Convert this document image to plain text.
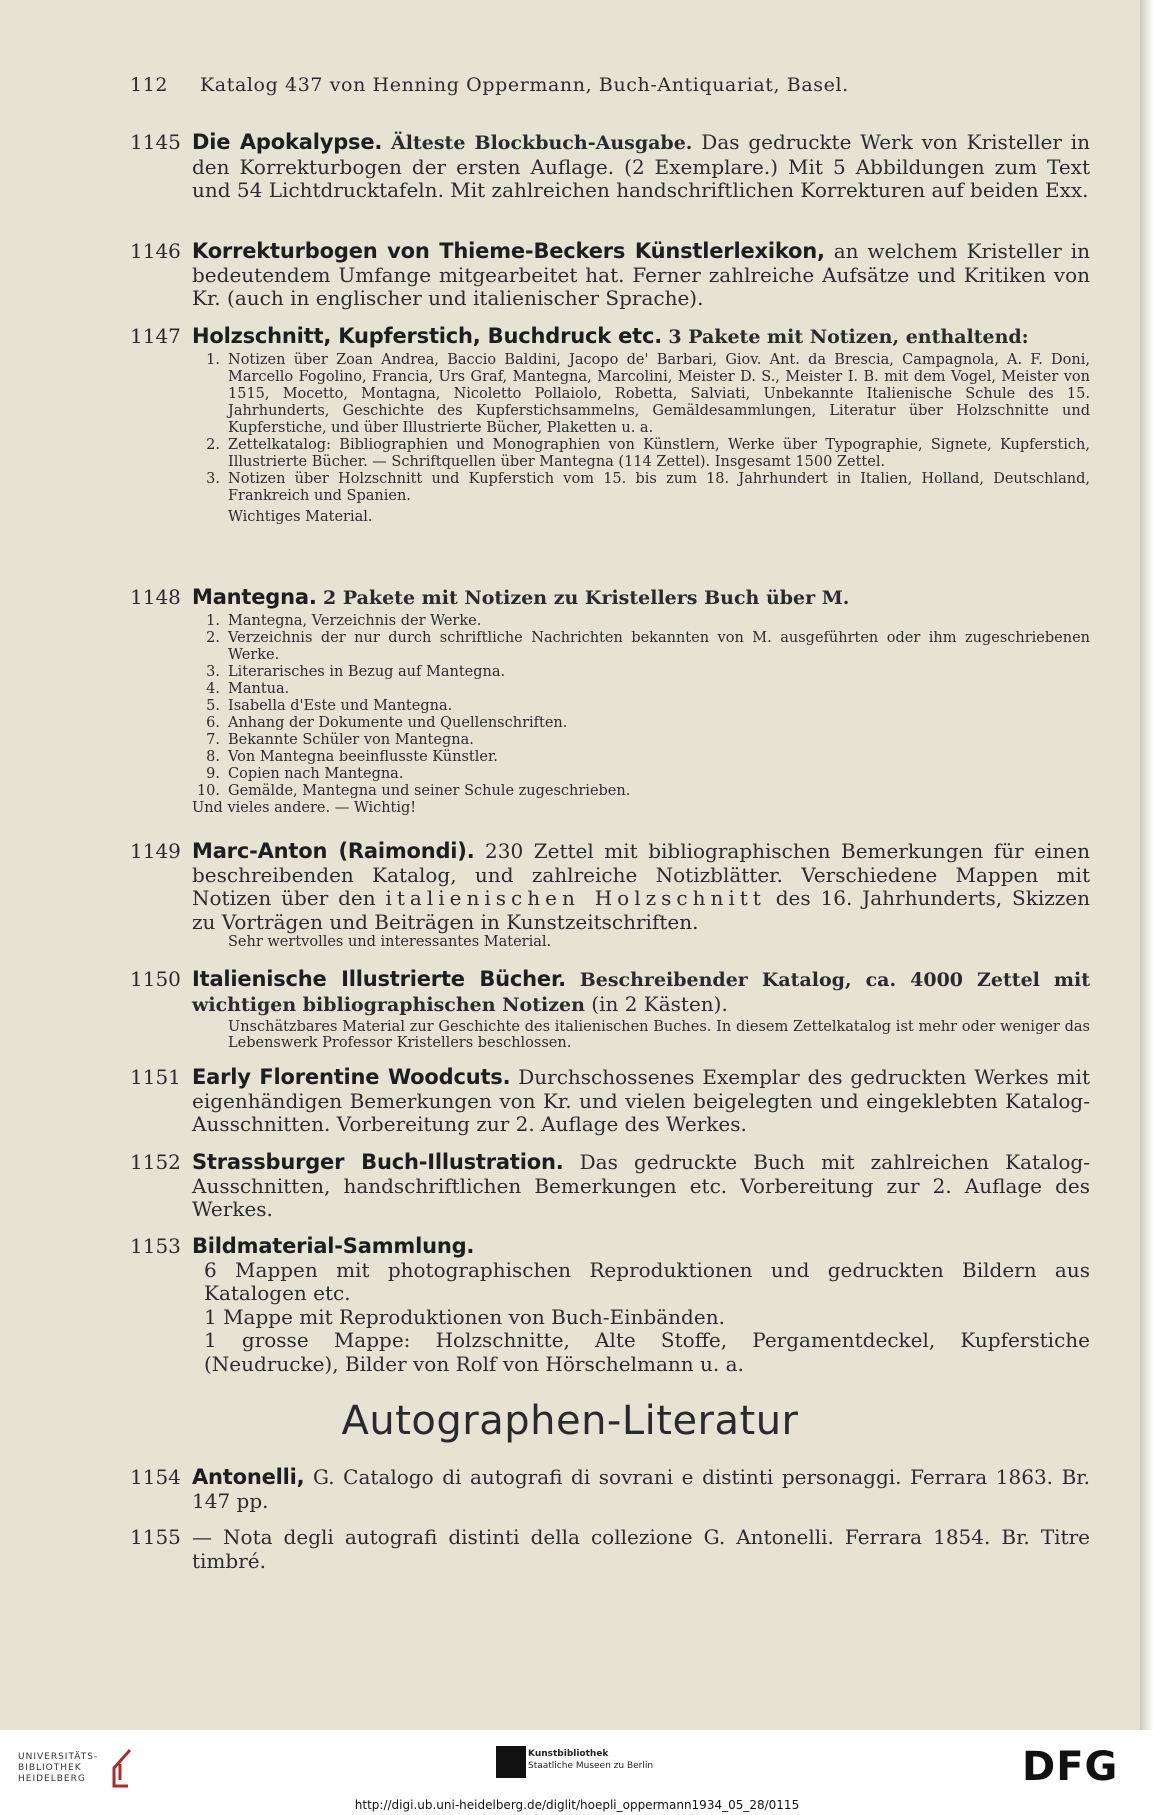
112 Katalog 437 von Henning Oppermann, Buch-Antiquariat, Basel.
1145 Die Apokalypse. Älteste Blockbuch-Ausgabe. Das gedruckte Werk von Kristeller in den Korrekturbogen der ersten Auflage. (2 Exemplare.) Mit 5 Abbildungen zum Text und 54 Lichtdrucktafeln. Mit zahlreichen handschriftlichen Korrekturen auf beiden Exx.
1146 Korrekturbogen von Thieme-Beckers Künstlerlexikon, an welchem Kristeller in bedeutendem Umfange mitgearbeitet hat. Ferner zahlreiche Aufsätze und Kritiken von Kr. (auch in englischer und italienischer Sprache).
1147 Holzschnitt, Kupferstich, Buchdruck etc. 3 Pakete mit Notizen, enthaltend:
1. Notizen über Zoan Andrea, Baccio Baldini, Jacopo de' Barbari, Giov. Ant. da Brescia, Campagnola, A. F. Doni, Marcello Fogolino, Francia, Urs Graf, Mantegna, Marcolini, Meister D. S., Meister I. B. mit dem Vogel, Meister von 1515, Mocetto, Montagna, Nicoletto Pollaiolo, Robetta, Salviati, Unbekannte Italienische Schule des 15. Jahrhunderts, Geschichte des Kupferstichsammelns, Gemäldesammlungen, Literatur über Holzschnitte und Kupferstiche, und über Illustrierte Bücher, Plaketten u. a.
2. Zettelkatalog: Bibliographien und Monographien von Künstlern, Werke über Typographie, Signete, Kupferstich, Illustrierte Bücher. — Schriftquellen über Mantegna (114 Zettel). Insgesamt 1500 Zettel.
3. Notizen über Holzschnitt und Kupferstich vom 15. bis zum 18. Jahrhundert in Italien, Holland, Deutschland, Frankreich und Spanien.
Wichtiges Material.
1148 Mantegna. 2 Pakete mit Notizen zu Kristellers Buch über M.
1. Mantegna, Verzeichnis der Werke.
2. Verzeichnis der nur durch schriftliche Nachrichten bekannten von M. ausgeführten oder ihm zugeschriebenen Werke.
3. Literarisches in Bezug auf Mantegna.
4. Mantua.
5. Isabella d'Este und Mantegna.
6. Anhang der Dokumente und Quellenschriften.
7. Bekannte Schüler von Mantegna.
8. Von Mantegna beeinflusste Künstler.
9. Copien nach Mantegna.
10. Gemälde, Mantegna und seiner Schule zugeschrieben.
Und vieles andere. — Wichtig!
1149 Marc-Anton (Raimondi). 230 Zettel mit bibliographischen Bemerkungen für einen beschreibenden Katalog, und zahlreiche Notizblätter. Verschiedene Mappen mit Notizen über den italienischen Holzschnitt des 16. Jahrhunderts, Skizzen zu Vorträgen und Beiträgen in Kunstzeitschriften.
Sehr wertvolles und interessantes Material.
1150 Italienische Illustrierte Bücher. Beschreibender Katalog, ca. 4000 Zettel mit wichtigen bibliographischen Notizen (in 2 Kästen).
Unschätzbares Material zur Geschichte des italienischen Buches. In diesem Zettelkatalog ist mehr oder weniger das Lebenswerk Professor Kristellers beschlossen.
1151 Early Florentine Woodcuts. Durchschossenes Exemplar des gedruckten Werkes mit eigenhändigen Bemerkungen von Kr. und vielen beigelegten und eingeklebten Katalog-Ausschnitten. Vorbereitung zur 2. Auflage des Werkes.
1152 Strassburger Buch-Illustration. Das gedruckte Buch mit zahlreichen Katalog-Ausschnitten, handschriftlichen Bemerkungen etc. Vorbereitung zur 2. Auflage des Werkes.
1153 Bildmaterial-Sammlung.
6 Mappen mit photographischen Reproduktionen und gedruckten Bildern aus Katalogen etc.
1 Mappe mit Reproduktionen von Buch-Einbänden.
1 grosse Mappe: Holzschnitte, Alte Stoffe, Pergamentdeckel, Kupferstiche (Neudrucke), Bilder von Rolf von Hörschelmann u. a.
Autographen-Literatur
1154 Antonelli, G. Catalogo di autografi di sovrani e distinti personaggi. Ferrara 1863. Br. 147 pp.
1155 — Nota degli autografi distinti della collezione G. Antonelli. Ferrara 1854. Br. Titre timbré.
UNIVERSITÄTS-
BIBLIOTHEK
HEIDELBERG
Kunstbibliothek
Staatliche Museen zu Berlin	DFG
http://digi.ub.uni-heidelberg.de/diglit/hoepli_oppermann1934_05_28/0115
